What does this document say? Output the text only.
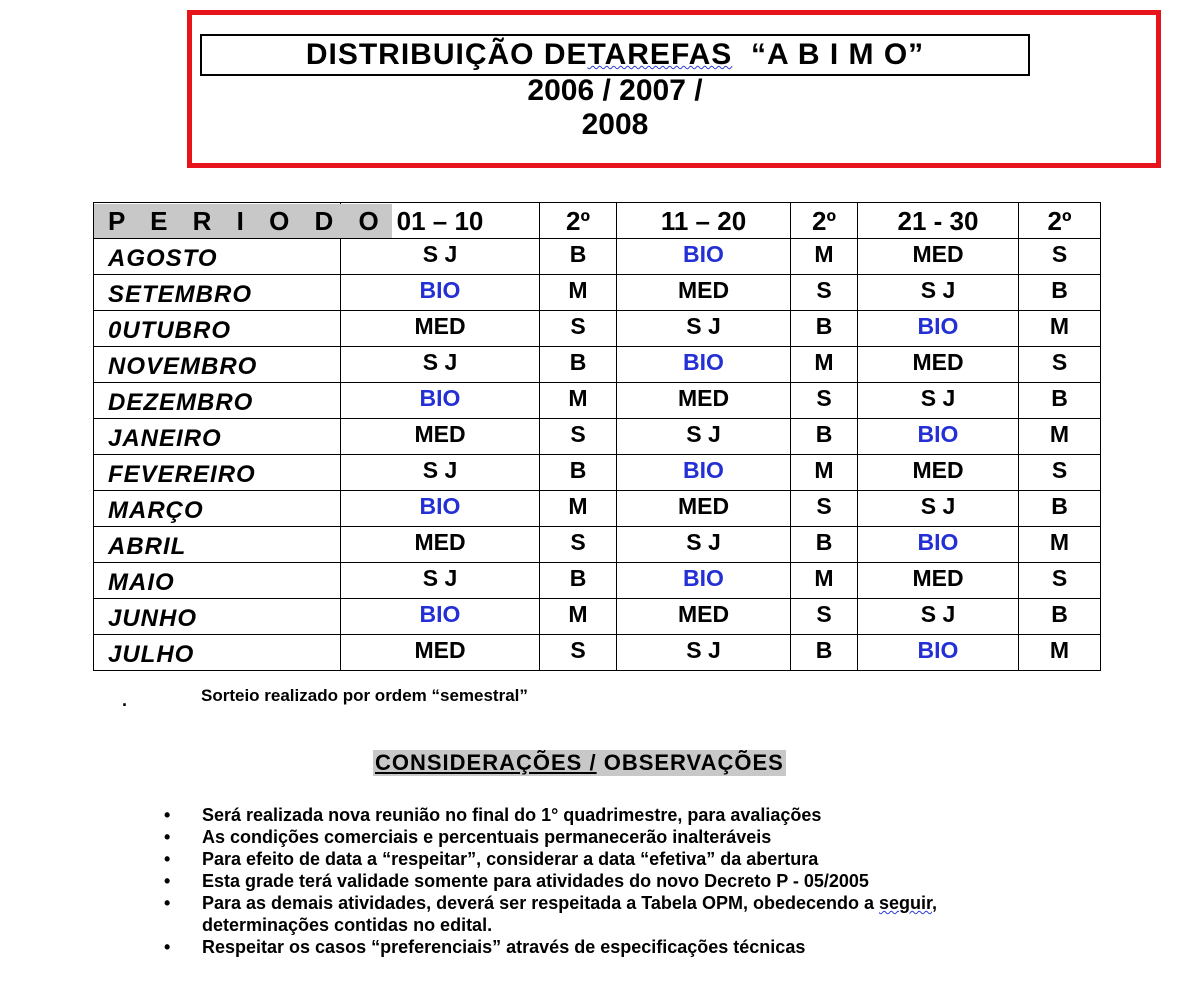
DISTRIBUIÇÃO DE TAREFAS “A B I M O”
2006 / 2007 /
2008
P E R I O D O	01 – 10	2º	11 – 20	2º	21 - 30	2º
AGOSTO	S J	B	BIO	M	MED	S
SETEMBRO	BIO	M	MED	S	S J	B
0UTUBRO	MED	S	S J	B	BIO	M
NOVEMBRO	S J	B	BIO	M	MED	S
DEZEMBRO	BIO	M	MED	S	S J	B
JANEIRO	MED	S	S J	B	BIO	M
FEVEREIRO	S J	B	BIO	M	MED	S
MARÇO	BIO	M	MED	S	S J	B
ABRIL	MED	S	S J	B	BIO	M
MAIO	S J	B	BIO	M	MED	S
JUNHO	BIO	M	MED	S	S J	B
JULHO	MED	S	S J	B	BIO	M
.	Sorteio realizado por ordem “semestral”
CONSIDERAÇÕES / OBSERVAÇÕES
• Será realizada nova reunião no final do 1° quadrimestre, para avaliações
• As condições comerciais e percentuais permanecerão inalteráveis
• Para efeito de data a “respeitar”, considerar a data “efetiva” da abertura
• Esta grade terá validade somente para atividades do novo Decreto P - 05/2005
• Para as demais atividades, deverá ser respeitada a Tabela OPM, obedecendo a seguir, determinações contidas no edital.
• Respeitar os casos “preferenciais” através de especificações técnicas
